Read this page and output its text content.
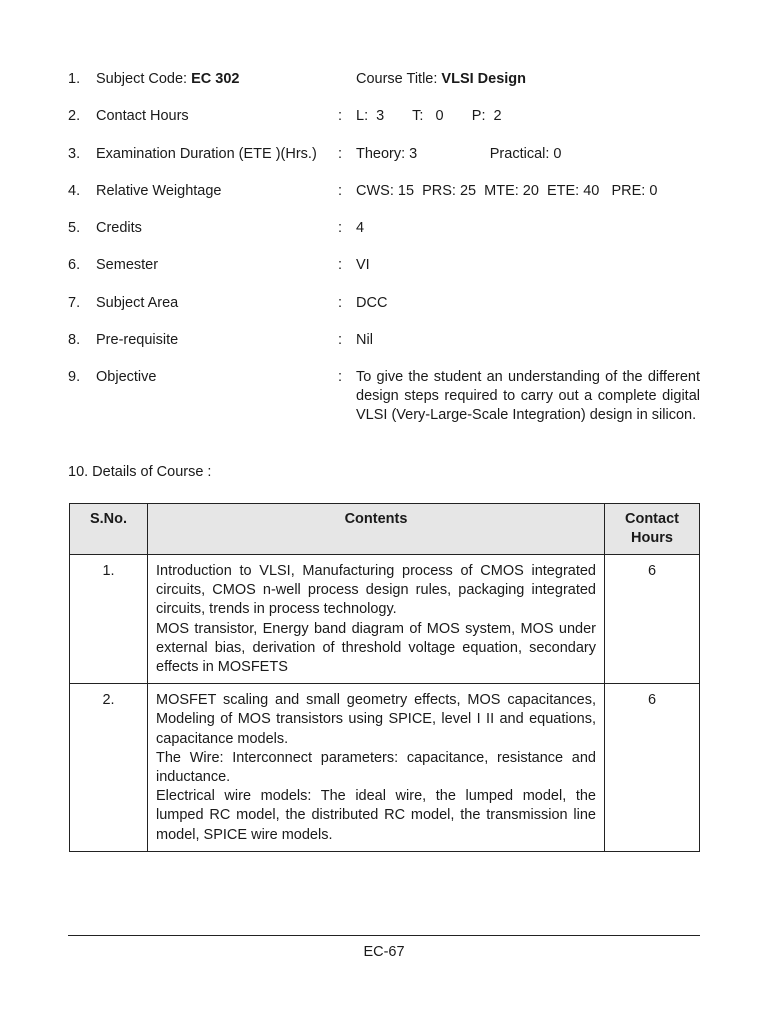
1.	Subject Code: EC 302	Course Title: VLSI Design
2.	Contact Hours	: L:  3       T:   0       P:  2
3.	Examination Duration (ETE )(Hrs.) : Theory: 3                  Practical: 0
4.	Relative Weightage	: CWS: 15  PRS: 25  MTE: 20  ETE: 40   PRE: 0
5.	Credits	: 4
6.	Semester	: VI
7.	Subject Area	: DCC
8.	Pre-requisite	: Nil
9.	Objective	: To give the student an understanding of the different design steps required to carry out a complete digital VLSI (Very-Large-Scale Integration) design in silicon.
10. Details of Course :
S.No.	Contents	Contact Hours
1.	Introduction to VLSI, Manufacturing process of CMOS integrated circuits, CMOS n-well process design rules, packaging integrated circuits, trends in process technology.

MOS transistor, Energy band diagram of MOS system, MOS under external bias, derivation of threshold voltage equation, secondary effects in MOSFETS	6
2.	MOSFET scaling and small geometry effects, MOS capacitances, Modeling of MOS transistors using SPICE, level I II and equations, capacitance models.

The Wire: Interconnect parameters: capacitance, resistance and inductance.

Electrical wire models: The ideal wire, the lumped model, the lumped RC model, the distributed RC model, the transmission line model, SPICE wire models.	6
EC-67
